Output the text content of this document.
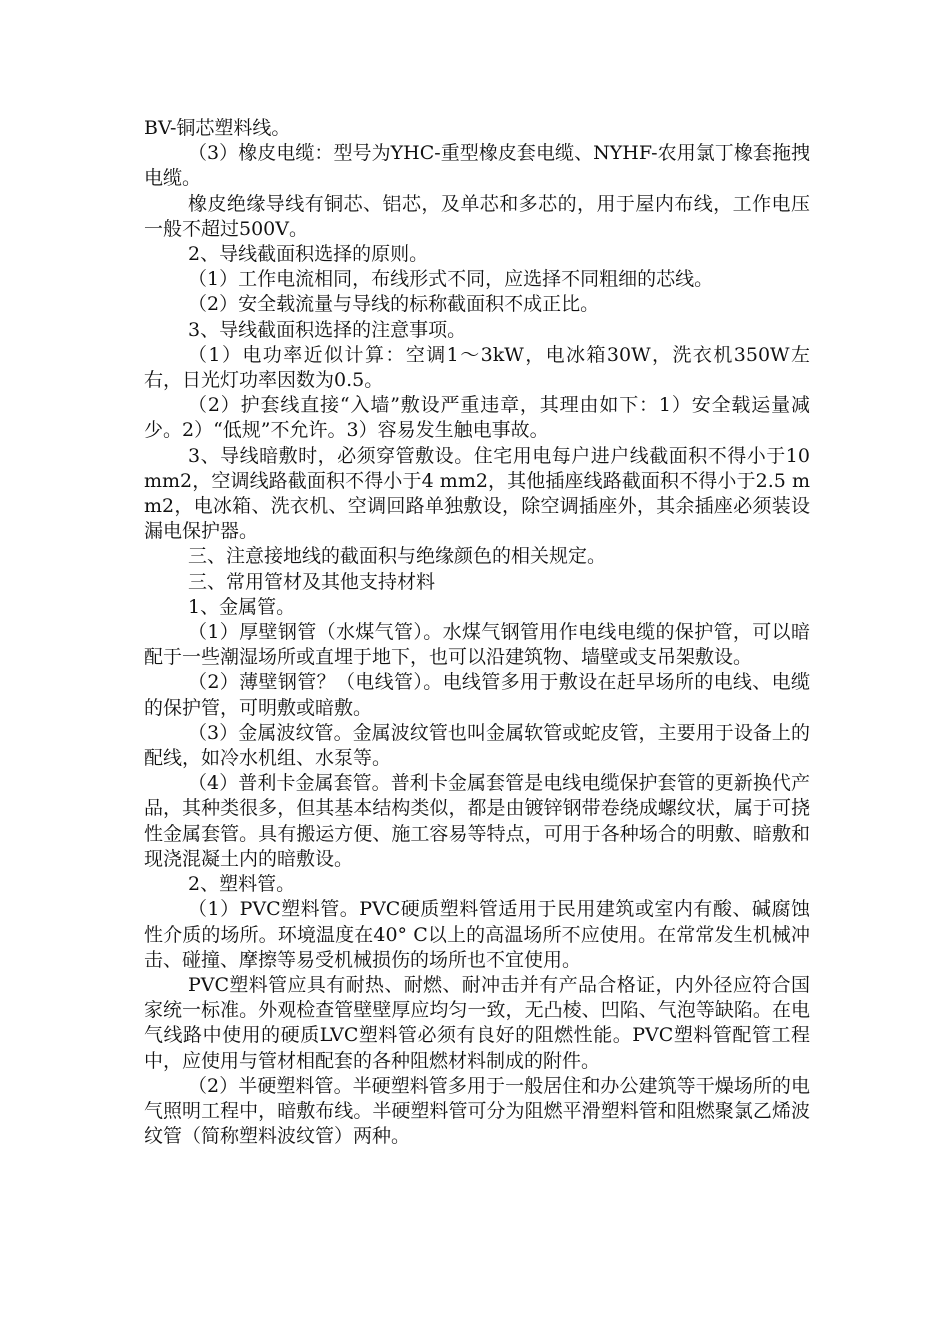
BV-铜芯塑料线。

（3）橡皮电缆：型号为YHC-重型橡皮套电缆、NYHF-农用氯丁橡套拖拽电缆。

橡皮绝缘导线有铜芯、铝芯，及单芯和多芯的，用于屋内布线，工作电压一般不超过500V。

2、导线截面积选择的原则。

（1）工作电流相同，布线形式不同，应选择不同粗细的芯线。

（2）安全载流量与导线的标称截面积不成正比。

3、导线截面积选择的注意事项。

（1）电功率近似计算：空调1～3kW，电冰箱30W，洗衣机350W左右，日光灯功率因数为0.5。

（2）护套线直接“入墙”敷设严重违章，其理由如下：1）安全载运量减少。2）“低规”不允许。3）容易发生触电事故。

3、导线暗敷时，必须穿管敷设。住宅用电每户进户线截面积不得小于10mm2，空调线路截面积不得小于4 mm2，其他插座线路截面积不得小于2.5 mm2，电冰箱、洗衣机、空调回路单独敷设，除空调插座外，其余插座必须装设漏电保护器。

三、注意接地线的截面积与绝缘颜色的相关规定。

三、常用管材及其他支持材料

1、金属管。

（1）厚壁钢管（水煤气管）。水煤气钢管用作电线电缆的保护管，可以暗配于一些潮湿场所或直埋于地下，也可以沿建筑物、墙壁或支吊架敷设。

（2）薄壁钢管？（电线管）。电线管多用于敷设在赶早场所的电线、电缆的保护管，可明敷或暗敷。

（3）金属波纹管。金属波纹管也叫金属软管或蛇皮管，主要用于设备上的配线，如冷水机组、水泵等。

（4）普利卡金属套管。普利卡金属套管是电线电缆保护套管的更新换代产品，其种类很多，但其基本结构类似，都是由镀锌钢带卷绕成螺纹状，属于可挠性金属套管。具有搬运方便、施工容易等特点，可用于各种场合的明敷、暗敷和现浇混凝土内的暗敷设。

2、塑料管。

（1）PVC塑料管。PVC硬质塑料管适用于民用建筑或室内有酸、碱腐蚀性介质的场所。环境温度在40° C以上的高温场所不应使用。在常常发生机械冲击、碰撞、摩擦等易受机械损伤的场所也不宜使用。

PVC塑料管应具有耐热、耐燃、耐冲击并有产品合格证，内外径应符合国家统一标准。外观检查管壁壁厚应均匀一致，无凸棱、凹陷、气泡等缺陷。在电气线路中使用的硬质LVC塑料管必须有良好的阻燃性能。PVC塑料管配管工程中，应使用与管材相配套的各种阻燃材料制成的附件。

（2）半硬塑料管。半硬塑料管多用于一般居住和办公建筑等干燥场所的电气照明工程中，暗敷布线。半硬塑料管可分为阻燃平滑塑料管和阻燃聚氯乙烯波纹管（简称塑料波纹管）两种。
